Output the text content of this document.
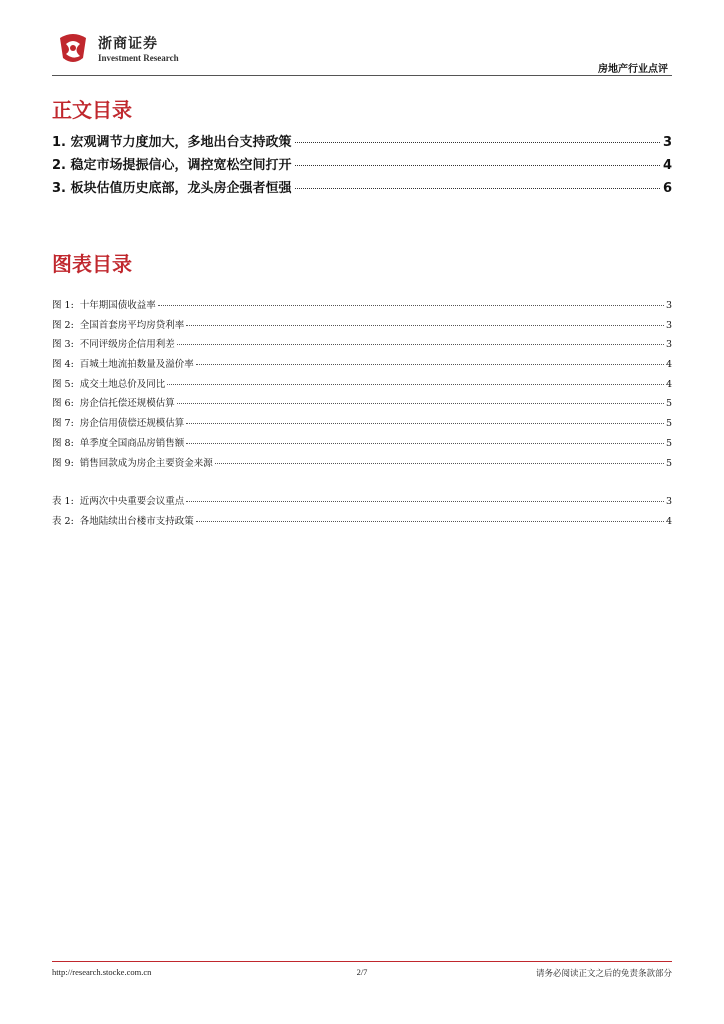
浙商证券
Investment Research
房地产行业点评
正文目录
1. 宏观调节力度加大，多地出台支持政策	3
2. 稳定市场提振信心，调控宽松空间打开	4
3. 板块估值历史底部，龙头房企强者恒强	6
图表目录
图 1:  十年期国债收益率	3
图 2:  全国首套房平均房贷利率	3
图 3:  不同评级房企信用利差	3
图 4:  百城土地流拍数量及溢价率	4
图 5:  成交土地总价及同比	4
图 6:  房企信托偿还规模估算	5
图 7:  房企信用债偿还规模估算	5
图 8:  单季度全国商品房销售额	5
图 9:  销售回款成为房企主要资金来源	5
表 1:  近两次中央重要会议重点	3
表 2:  各地陆续出台楼市支持政策	4
http://research.stocke.com.cn	2/7	请务必阅读正文之后的免责条款部分
